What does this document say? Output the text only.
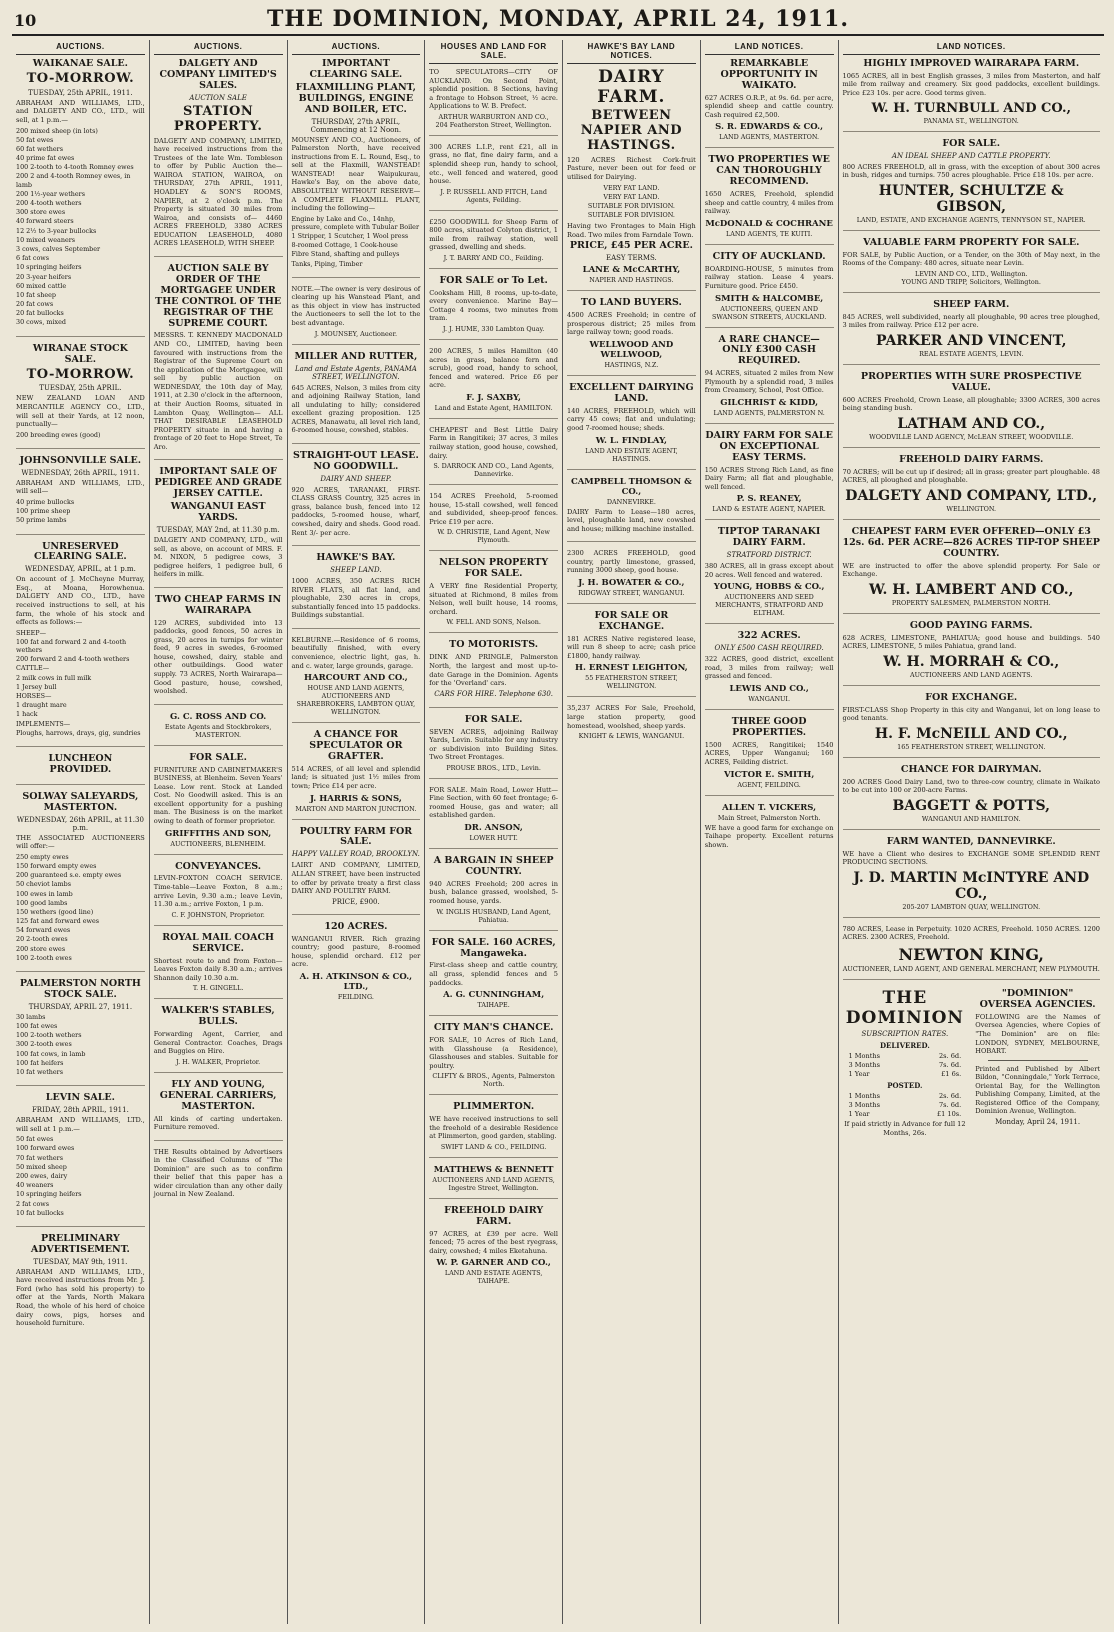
10	THE DOMINION, MONDAY, APRIL 24, 1911.
AUCTIONS.
WAIKANAE SALE.
TO-MORROW.
TUESDAY, 25th APRIL, 1911.

ABRAHAM AND WILLIAMS, LTD., and DALGETY AND CO., LTD., will sell, at 1 p.m.—

200 mixed sheep (in lots)
50 fat ewes
60 fat wethers
40 prime fat ewes
100 2-tooth to 4-tooth Romney ewes
200 2 and 4-tooth Romney ewes, in lamb
200 1½-year wethers
200 4-tooth wethers
300 store ewes
40 forward steers
12 2½ to 3-year bullocks
10 mixed weaners
3 cows, calves September
6 fat cows
10 springing heifers
20 3-year heifers
60 mixed cattle
10 fat sheep
20 fat cows
20 fat bullocks
30 cows, mixed
WIRANAE STOCK SALE.
TO-MORROW.
TUESDAY, 25th APRIL.

NEW ZEALAND LOAN AND MERCANTILE AGENCY CO., LTD., will sell at their Yards, at 12 noon, punctually—

200 breeding ewes (good)
JOHNSONVILLE SALE.
WEDNESDAY, 26th APRIL, 1911.

ABRAHAM AND WILLIAMS, LTD., will sell—

40 prime bullocks
100 prime sheep
50 prime lambs
UNRESERVED CLEARING SALE.
WEDNESDAY, APRIL, at 1 p.m.

On account of J. McCheyne Murray, Esq., at Moana, Horowhenua. DALGETY AND CO., LTD., have received instructions to sell, at his farm, the whole of his stock and effects as follows:—

SHEEP—
100 fat and forward 2 and 4-tooth wethers
200 forward 2 and 4-tooth wethers
CATTLE—
2 milk cows in full milk
1 Jersey bull
HORSES—
1 draught mare
1 hack
IMPLEMENTS—
Ploughs, harrows, drays, gig, sundries
LUNCHEON PROVIDED.
SOLWAY SALEYARDS, MASTERTON.
WEDNESDAY, 26th APRIL, at 11.30 p.m.

THE ASSOCIATED AUCTIONEERS will offer:—

250 empty ewes
150 forward empty ewes
200 guaranteed s.e. empty ewes
50 cheviot lambs
100 ewes in lamb
100 good lambs
150 wethers (good line)
125 fat and forward ewes
54 forward ewes
20 2-tooth ewes
200 store ewes
100 2-tooth ewes
PALMERSTON NORTH STOCK SALE.
THURSDAY, APRIL 27, 1911.
30 lambs
100 fat ewes
100 2-tooth wethers
300 2-tooth ewes
100 fat cows, in lamb
100 fat heifers
10 fat wethers
LEVIN SALE.
FRIDAY, 28th APRIL, 1911.

ABRAHAM AND WILLIAMS, LTD., will sell at 1 p.m.—

50 fat ewes
100 forward ewes
70 fat wethers
50 mixed sheep
200 ewes, dairy
40 weaners
10 springing heifers
2 fat cows
10 fat bullocks
PRELIMINARY ADVERTISEMENT.
TUESDAY, MAY 9th, 1911.

ABRAHAM AND WILLIAMS, LTD., have received instructions from Mr. J. Ford (who has sold his property) to offer at the Yards, North Makara Road, the whole of his herd of choice dairy cows, pigs, horses and household furniture.

AUCTIONS.
DALGETY AND COMPANY LIMITED'S SALES.
AUCTION SALE
STATION PROPERTY.

DALGETY AND COMPANY, LIMITED, have received instructions from the Trustees of the late Wm. Tombleson to offer by Public Auction the— WAIROA STATION, WAIROA, on THURSDAY, 27th APRIL, 1911, HOADLEY & SON'S ROOMS, NAPIER, at 2 o'clock p.m. The Property is situated 30 miles from Wairoa, and consists of— 4460 ACRES FREEHOLD, 3380 ACRES EDUCATION LEASEHOLD, 4080 ACRES LEASEHOLD, WITH SHEEP.

AUCTION SALE BY ORDER OF THE MORTGAGEE UNDER THE CONTROL OF THE REGISTRAR OF THE SUPREME COURT.

MESSRS. T. KENNEDY MACDONALD AND CO., LIMITED, having been favoured with instructions from the Registrar of the Supreme Court on the application of the Mortgagee, will sell by public auction on WEDNESDAY, the 10th day of May, 1911, at 2.30 o'clock in the afternoon, at their Auction Rooms, situated in Lambton Quay, Wellington— ALL THAT DESIRABLE LEASEHOLD PROPERTY situate in and having a frontage of 20 feet to Hope Street, Te Aro.

IMPORTANT SALE OF PEDIGREE AND GRADE JERSEY CATTLE.
WANGANUI EAST YARDS.
TUESDAY, MAY 2nd, at 11.30 p.m.

DALGETY AND COMPANY, LTD., will sell, as above, on account of MRS. F. M. NIXON, 5 pedigree cows, 3 pedigree heifers, 1 pedigree bull, 6 heifers in milk.

TWO CHEAP FARMS IN WAIRARAPA

129 ACRES, subdivided into 13 paddocks, good fences, 50 acres in grass, 20 acres in turnips for winter feed, 9 acres in swedes, 6-roomed house, cowshed, dairy, stable and other outbuildings. Good water supply. 73 ACRES, North Wairarapa—Good pasture, house, cowshed, woolshed.

G. C. ROSS AND CO.

Estate Agents and Stockbrokers, MASTERTON.

FOR SALE.

FURNITURE AND CABINETMAKER'S BUSINESS, at Blenheim. Seven Years' Lease. Low rent. Stock at Landed Cost. No Goodwill asked. This is an excellent opportunity for a pushing man. The Business is on the market owing to death of former proprietor.

GRIFFITHS AND SON,

AUCTIONEERS, BLENHEIM.

CONVEYANCES.

LEVIN-FOXTON COACH SERVICE. Time-table—Leave Foxton, 8 a.m.; arrive Levin, 9.30 a.m.; leave Levin, 11.30 a.m.; arrive Foxton, 1 p.m.

C. F. JOHNSTON, Proprietor.

ROYAL MAIL COACH SERVICE.

Shortest route to and from Foxton—Leaves Foxton daily 8.30 a.m.; arrives Shannon daily 10.30 a.m.

T. H. GINGELL.

WALKER'S STABLES, BULLS.

Forwarding Agent, Carrier, and General Contractor. Coaches, Drags and Buggies on Hire.

J. H. WALKER, Proprietor.

FLY AND YOUNG, GENERAL CARRIERS, MASTERTON.

All kinds of carting undertaken. Furniture removed.

THE Results obtained by Advertisers in the Classified Columns of "The Dominion" are such as to confirm their belief that this paper has a wider circulation than any other daily journal in New Zealand.

AUCTIONS.
IMPORTANT CLEARING SALE.
FLAXMILLING PLANT, BUILDINGS, ENGINE AND BOILER, ETC.
THURSDAY, 27th APRIL, Commencing at 12 Noon.

MOUNSEY AND CO., Auctioneers, of Palmerston North, have received instructions from E. L. Round, Esq., to sell at the Flaxmill, WANSTEAD! WANSTEAD! near Waipukurau, Hawke's Bay, on the above date, ABSOLUTELY WITHOUT RESERVE— A COMPLETE FLAXMILL PLANT, including the following—

Engine by Lake and Co., 14nhp, pressure, complete with Tubular Boiler
1 Stripper, 1 Scutcher, 1 Wool press
8-roomed Cottage, 1 Cook-house
Fibre Stand, shafting and pulleys
Tanks, Piping, Timber

NOTE.—The owner is very desirous of clearing up his Wanstead Plant, and as this object in view has instructed the Auctioneers to sell the lot to the best advantage.

J. MOUNSEY, Auctioneer.

MILLER AND RUTTER,
Land and Estate Agents, PANAMA STREET, WELLINGTON.

645 ACRES, Nelson, 3 miles from city and adjoining Railway Station, land all undulating to hilly; considered excellent grazing proposition. 125 ACRES, Manawatu, all level rich land, 6-roomed house, cowshed, stables.

STRAIGHT-OUT LEASE. NO GOODWILL.
DAIRY AND SHEEP.

920 ACRES, TARANAKI, FIRST-CLASS GRASS Country, 325 acres in grass, balance bush, fenced into 12 paddocks, 5-roomed house, wharf, cowshed, dairy and sheds. Good road. Rent 3/- per acre.

HAWKE'S BAY.
SHEEP LAND.

1000 ACRES, 350 ACRES RICH RIVER FLATS, all flat land, and ploughable, 230 acres in crops, substantially fenced into 15 paddocks. Buildings substantial.

KELBURNE.—Residence of 6 rooms, beautifully finished, with every convenience, electric light, gas, h. and c. water, large grounds, garage.

HARCOURT AND CO.,

HOUSE AND LAND AGENTS, AUCTIONEERS AND SHAREBROKERS, LAMBTON QUAY, WELLINGTON.

A CHANCE FOR SPECULATOR OR GRAFTER.

514 ACRES, of all level and splendid land; is situated just 1½ miles from town; Price £14 per acre.

J. HARRIS & SONS,

MARTON AND MARTON JUNCTION.

POULTRY FARM FOR SALE.
HAPPY VALLEY ROAD, BROOKLYN.

LAIRT AND COMPANY, LIMITED, ALLAN STREET, have been instructed to offer by private treaty a first class DAIRY AND POULTRY FARM.

PRICE, £900.
120 ACRES.

WANGANUI RIVER. Rich grazing country; good pasture, 8-roomed house, splendid orchard. £12 per acre.

A. H. ATKINSON & CO., LTD.,

FEILDING.

HOUSES AND LAND FOR SALE.

TO SPECULATORS—CITY OF AUCKLAND. On Second Point, splendid position. 8 Sections, having a frontage to Hobson Street, ½ acre. Applications to W. B. Prefect.

ARTHUR WARBURTON AND CO.,

204 Featherston Street, Wellington.

300 ACRES L.I.P., rent £21, all in grass, no flat, fine dairy farm, and a splendid sheep run, handy to school, etc., well fenced and watered, good house.

J. P. RUSSELL AND FITCH, Land Agents, Feilding.

£250 GOODWILL for Sheep Farm of 800 acres, situated Colyton district, 1 mile from railway station, well grassed, dwelling and sheds.

J. T. BARRY AND CO., Feilding.

FOR SALE or To Let.

Cooksham Hill, 8 rooms, up-to-date, every convenience. Marine Bay—Cottage 4 rooms, two minutes from tram.

J. J. HUME, 330 Lambton Quay.

200 ACRES, 5 miles Hamilton (40 acres in grass, balance fern and scrub), good road, handy to school, fenced and watered. Price £6 per acre.

F. J. SAXBY,

Land and Estate Agent, HAMILTON.

CHEAPEST and Best Little Dairy Farm in Rangitikei; 37 acres, 3 miles railway station, good house, cowshed, dairy.

S. DARROCK AND CO., Land Agents, Dannevirke.

154 ACRES Freehold, 5-roomed house, 15-stall cowshed, well fenced and subdivided, sheep-proof fences. Price £19 per acre.

W. D. CHRISTIE, Land Agent, New Plymouth.

NELSON PROPERTY FOR SALE.

A VERY fine Residential Property, situated at Richmond, 8 miles from Nelson, well built house, 14 rooms, orchard.

W. FELL AND SONS, Nelson.

TO MOTORISTS.

DINK AND PRINGLE, Palmerston North, the largest and most up-to-date Garage in the Dominion. Agents for the 'Overland' cars.

CARS FOR HIRE. Telephone 630.
FOR SALE.

SEVEN ACRES, adjoining Railway Yards, Levin. Suitable for any industry or subdivision into Building Sites. Two Street Frontages.

PROUSE BROS., LTD., Levin.

FOR SALE. Main Road, Lower Hutt—Fine Section, with 60 feet frontage; 6-roomed House, gas and water; all established garden.

DR. ANSON,

LOWER HUTT.

A BARGAIN IN SHEEP COUNTRY.

940 ACRES Freehold; 200 acres in bush, balance grassed, woolshed, 5-roomed house, yards.

W. INGLIS HUSBAND, Land Agent, Pahiatua.

FOR SALE. 160 ACRES, Mangaweka.

First-class sheep and cattle country, all grass, splendid fences and 5 paddocks.

A. G. CUNNINGHAM,

TAIHAPE.

CITY MAN'S CHANCE.

FOR SALE, 10 Acres of Rich Land, with Glasshouse (a Residence), Glasshouses and stables. Suitable for poultry.

CLIFTY & BROS., Agents, Palmerston North.

PLIMMERTON.

WE have received instructions to sell the freehold of a desirable Residence at Plimmerton, good garden, stabling.

SWIFT LAND & CO., FEILDING.

MATTHEWS & BENNETT

AUCTIONEERS AND LAND AGENTS, Ingestre Street, Wellington.

FREEHOLD DAIRY FARM.

97 ACRES, at £39 per acre. Well fenced; 75 acres of the best ryegrass, dairy, cowshed; 4 miles Eketahuna.

W. P. GARNER AND CO.,

LAND AND ESTATE AGENTS, TAIHAPE.

HAWKE'S BAY LAND NOTICES.
DAIRY FARM.
BETWEEN NAPIER AND HASTINGS.

120 ACRES Richest Cork-fruit Pasture, never been out for feed or utilised for Dairying.

VERY FAT LAND.
VERY FAT LAND.
SUITABLE FOR DIVISION.
SUITABLE FOR DIVISION.

Having two Frontages to Main High Road. Two miles from Farndale Town.

PRICE, £45 PER ACRE.
EASY TERMS.
LANE & McCARTHY,

NAPIER AND HASTINGS.

TO LAND BUYERS.

4500 ACRES Freehold; in centre of prosperous district; 25 miles from large railway town; good roads.

WELLWOOD AND WELLWOOD,

HASTINGS, N.Z.

EXCELLENT DAIRYING LAND.

140 ACRES, FREEHOLD, which will carry 45 cows; flat and undulating; good 7-roomed house; sheds.

W. L. FINDLAY,

LAND AND ESTATE AGENT, HASTINGS.

CAMPBELL THOMSON & CO.,

DANNEVIRKE.

DAIRY Farm to Lease—180 acres, level, ploughable land, new cowshed and house; milking machine installed.

2300 ACRES FREEHOLD, good country, partly limestone, grassed, running 3000 sheep, good house.

J. H. BOWATER & CO.,

RIDGWAY STREET, WANGANUI.

FOR SALE OR EXCHANGE.

181 ACRES Native registered lease, will run 8 sheep to acre; cash price £1800, handy railway.

H. ERNEST LEIGHTON,

55 FEATHERSTON STREET, WELLINGTON.

35,237 ACRES For Sale, Freehold, large station property, good homestead, woolshed, sheep yards.

KNIGHT & LEWIS, WANGANUI.

LAND NOTICES.
REMARKABLE OPPORTUNITY IN WAIKATO.

627 ACRES O.R.P., at 9s. 6d. per acre, splendid sheep and cattle country. Cash required £2,500.

S. R. EDWARDS & CO.,

LAND AGENTS, MASTERTON.

TWO PROPERTIES WE CAN THOROUGHLY RECOMMEND.

1650 ACRES, Freehold, splendid sheep and cattle country, 4 miles from railway.

McDONALD & COCHRANE

LAND AGENTS, TE KUITI.

CITY OF AUCKLAND.

BOARDING-HOUSE, 5 minutes from railway station. Lease 4 years. Furniture good. Price £450.

SMITH & HALCOMBE,

AUCTIONEERS, QUEEN AND SWANSON STREETS, AUCKLAND.

A RARE CHANCE—ONLY £300 CASH REQUIRED.

94 ACRES, situated 2 miles from New Plymouth by a splendid road, 3 miles from Creamery, School, Post Office.

GILCHRIST & KIDD,

LAND AGENTS, PALMERSTON N.

DAIRY FARM FOR SALE ON EXCEPTIONAL EASY TERMS.

150 ACRES Strong Rich Land, as fine Dairy Farm; all flat and ploughable, well fenced.

P. S. REANEY,

LAND & ESTATE AGENT, NAPIER.

TIPTOP TARANAKI DAIRY FARM.
STRATFORD DISTRICT.

380 ACRES, all in grass except about 20 acres. Well fenced and watered.

YOUNG, HOBBS & CO.,

AUCTIONEERS AND SEED MERCHANTS, STRATFORD AND ELTHAM.

322 ACRES.
ONLY £500 CASH REQUIRED.

322 ACRES, good district, excellent road, 3 miles from railway; well grassed and fenced.

LEWIS AND CO.,

WANGANUI.

THREE GOOD PROPERTIES.

1500 ACRES, Rangitikei; 1540 ACRES, Upper Wanganui; 160 ACRES, Feilding district.

VICTOR E. SMITH,

AGENT, FEILDING.

ALLEN T. VICKERS,

Main Street, Palmerston North.

WE have a good farm for exchange on Taihape property. Excellent returns shown.

LAND NOTICES.
HIGHLY IMPROVED WAIRARAPA FARM.

1065 ACRES, all in best English grasses, 3 miles from Masterton, and half mile from railway and creamery. Six good paddocks, excellent buildings. Price £23 10s. per acre. Good terms given.

W. H. TURNBULL AND CO.,

PANAMA ST., WELLINGTON.

FOR SALE.
AN IDEAL SHEEP AND CATTLE PROPERTY.

800 ACRES FREEHOLD, all in grass, with the exception of about 300 acres in bush, ridges and turnips. 750 acres ploughable. Price £18 10s. per acre.

HUNTER, SCHULTZE & GIBSON,

LAND, ESTATE, AND EXCHANGE AGENTS, TENNYSON ST., NAPIER.

VALUABLE FARM PROPERTY FOR SALE.

FOR SALE, by Public Auction, or a Tender, on the 30th of May next, in the Rooms of the Company: 480 acres, situate near Levin.

LEVIN AND CO., LTD., Wellington.

YOUNG AND TRIPP, Solicitors, Wellington.

SHEEP FARM.

845 ACRES, well subdivided, nearly all ploughable, 90 acres tree ploughed, 3 miles from railway. Price £12 per acre.

PARKER AND VINCENT,

REAL ESTATE AGENTS, LEVIN.

PROPERTIES WITH SURE PROSPECTIVE VALUE.

600 ACRES Freehold, Crown Lease, all ploughable; 3300 ACRES, 300 acres being standing bush.

LATHAM AND CO.,

WOODVILLE LAND AGENCY, McLEAN STREET, WOODVILLE.

FREEHOLD DAIRY FARMS.

70 ACRES; will be cut up if desired; all in grass; greater part ploughable. 48 ACRES, all ploughed and ploughable.

DALGETY AND COMPANY, LTD.,

WELLINGTON.

CHEAPEST FARM EVER OFFERED—ONLY £3 12s. 6d. PER ACRE—826 ACRES TIP-TOP SHEEP COUNTRY.

WE are instructed to offer the above splendid property. For Sale or Exchange.

W. H. LAMBERT AND CO.,

PROPERTY SALESMEN, PALMERSTON NORTH.

GOOD PAYING FARMS.

628 ACRES, LIMESTONE, PAHIATUA; good house and buildings. 540 ACRES, LIMESTONE, 5 miles Pahiatua, grand land.

W. H. MORRAH & CO.,

AUCTIONEERS AND LAND AGENTS.

FOR EXCHANGE.

FIRST-CLASS Shop Property in this city and Wanganui, let on long lease to good tenants.

H. F. McNEILL AND CO.,

165 FEATHERSTON STREET, WELLINGTON.

CHANCE FOR DAIRYMAN.

200 ACRES Good Dairy Land, two to three-cow country, climate in Waikato to be cut into 100 or 200-acre Farms.

BAGGETT & POTTS,

WANGANUI AND HAMILTON.

FARM WANTED, DANNEVIRKE.

WE have a Client who desires to EXCHANGE SOME SPLENDID RENT PRODUCING SECTIONS.

J. D. MARTIN McINTYRE AND CO.,

205-207 LAMBTON QUAY, WELLINGTON.

780 ACRES, Lease in Perpetuity. 1020 ACRES, Freehold. 1050 ACRES. 1200 ACRES. 2300 ACRES, Freehold.

NEWTON KING,

AUCTIONEER, LAND AGENT, AND GENERAL MERCHANT, NEW PLYMOUTH.

THE DOMINION
SUBSCRIPTION RATES.
DELIVERED.
1 Months	2s. 6d.
3 Months	7s. 6d.
1 Year	£1 6s.
POSTED.
1 Months	2s. 6d.
3 Months	7s. 6d.
1 Year	£1 10s.

If paid strictly in Advance for full 12 Months, 26s.

"DOMINION" OVERSEA AGENCIES.

FOLLOWING are the Names of Oversea Agencies, where Copies of "The Dominion" are on file: LONDON, SYDNEY, MELBOURNE, HOBART.

Printed and Published by Albert Bildon, "Conningdale," York Terrace, Oriental Bay, for the Wellington Publishing Company, Limited, at the Registered Office of the Company, Dominion Avenue, Wellington.

Monday, April 24, 1911.
